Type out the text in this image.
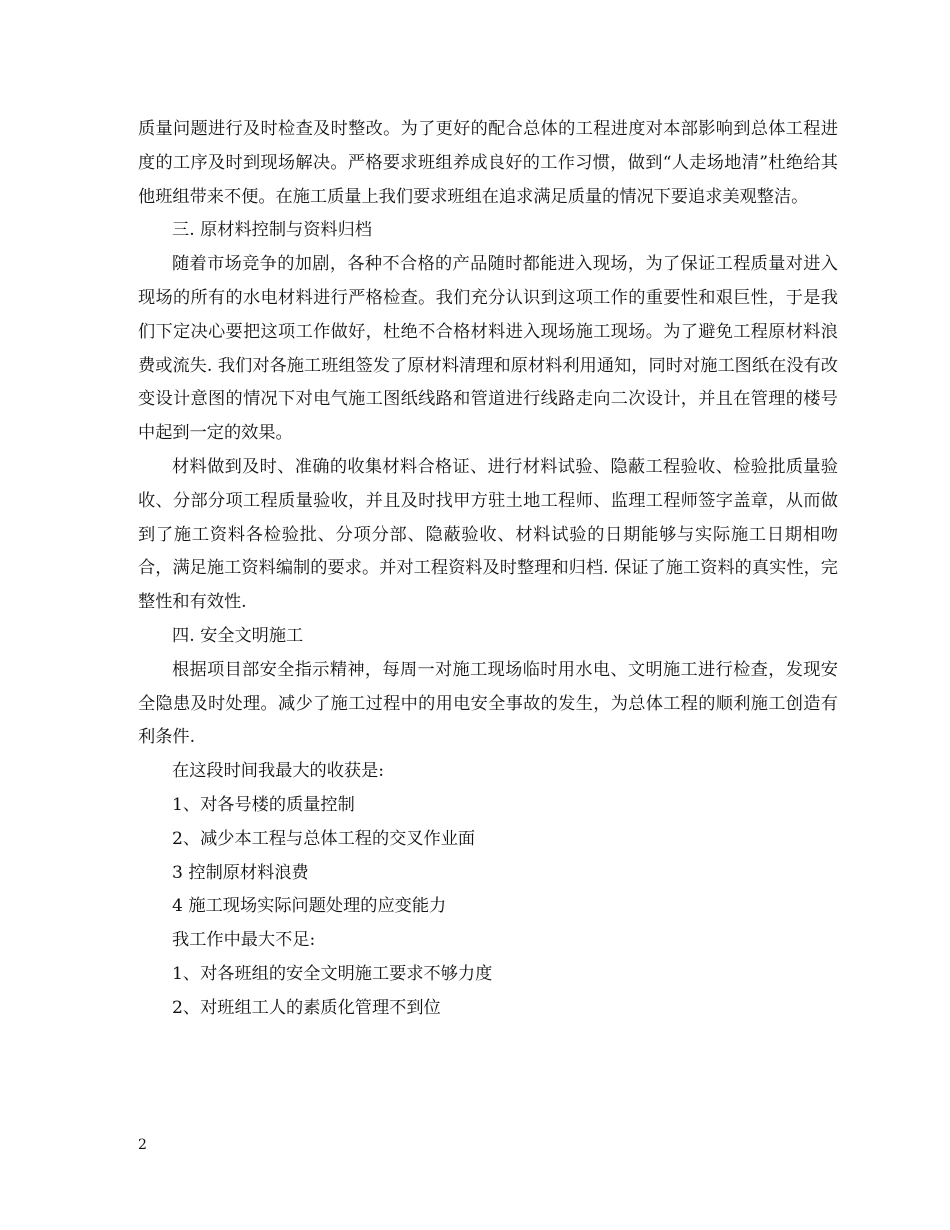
质量问题进行及时检查及时整改。为了更好的配合总体的工程进度对本部影响到总体工程进度的工序及时到现场解决。严格要求班组养成良好的工作习惯，做到“人走场地清”杜绝给其他班组带来不便。在施工质量上我们要求班组在追求满足质量的情况下要追求美观整洁。

三. 原材料控制与资料归档

随着市场竞争的加剧，各种不合格的产品随时都能进入现场，为了保证工程质量对进入现场的所有的水电材料进行严格检查。我们充分认识到这项工作的重要性和艰巨性，于是我们下定决心要把这项工作做好，杜绝不合格材料进入现场施工现场。为了避免工程原材料浪费或流失. 我们对各施工班组签发了原材料清理和原材料利用通知，同时对施工图纸在没有改变设计意图的情况下对电气施工图纸线路和管道进行线路走向二次设计，并且在管理的楼号中起到一定的效果。

材料做到及时、准确的收集材料合格证、进行材料试验、隐蔽工程验收、检验批质量验收、分部分项工程质量验收，并且及时找甲方驻土地工程师、监理工程师签字盖章，从而做到了施工资料各检验批、分项分部、隐蔽验收、材料试验的日期能够与实际施工日期相吻合，满足施工资料编制的要求。并对工程资料及时整理和归档. 保证了施工资料的真实性，完整性和有效性.

四. 安全文明施工

根据项目部安全指示精神，每周一对施工现场临时用水电、文明施工进行检查，发现安全隐患及时处理。减少了施工过程中的用电安全事故的发生，为总体工程的顺利施工创造有利条件.

在这段时间我最大的收获是:

1、对各号楼的质量控制

2、减少本工程与总体工程的交叉作业面

3 控制原材料浪费

4 施工现场实际问题处理的应变能力

我工作中最大不足:

1、对各班组的安全文明施工要求不够力度

2、对班组工人的素质化管理不到位

2
